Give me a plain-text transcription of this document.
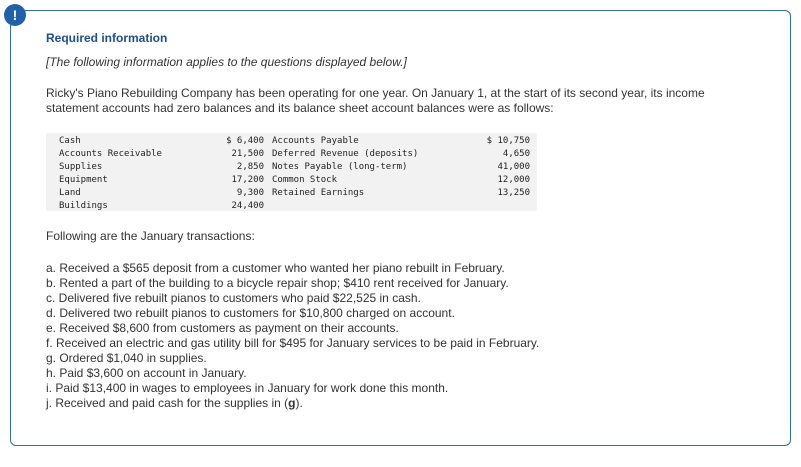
!

Required information

[The following information applies to the questions displayed below.]

Ricky's Piano Rebuilding Company has been operating for one year. On January 1, at the start of its second year, its income statement accounts had zero balances and its balance sheet account balances were as follows:

Cash
Accounts Receivable
Supplies
Equipment
Land
Buildings
$ 6,400
21,500
2,850
17,200
9,300
24,400
Accounts Payable
Deferred Revenue (deposits)
Notes Payable (long-term)
Common Stock
Retained Earnings
$ 10,750
4,650
41,000
12,000
13,250

Following are the January transactions:

a. Received a $565 deposit from a customer who wanted her piano rebuilt in February.
b. Rented a part of the building to a bicycle repair shop; $410 rent received for January.
c. Delivered five rebuilt pianos to customers who paid $22,525 in cash.
d. Delivered two rebuilt pianos to customers for $10,800 charged on account.
e. Received $8,600 from customers as payment on their accounts.
f. Received an electric and gas utility bill for $495 for January services to be paid in February.
g. Ordered $1,040 in supplies.
h. Paid $3,600 on account in January.
i. Paid $13,400 in wages to employees in January for work done this month.
j. Received and paid cash for the supplies in (g).
